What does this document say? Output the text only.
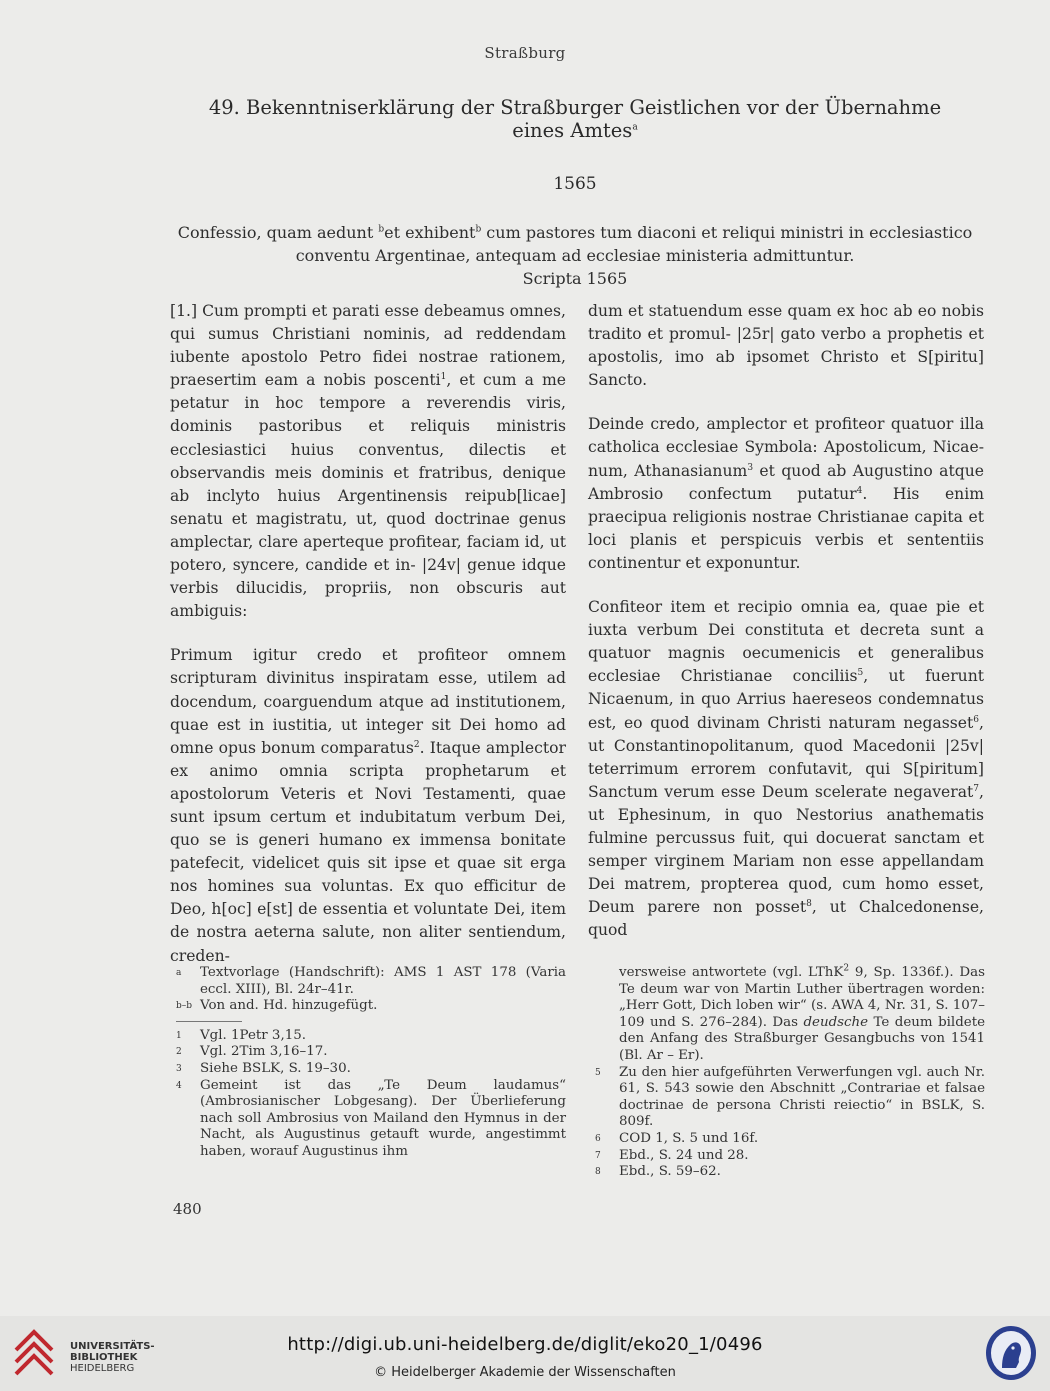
Straßburg
49. Bekenntniserklärung der Straßburger Geistlichen vor der Übernahme
eines Amtes$^a$
1565
Confessio, quam aedunt $^b$et exhibent$^b$ cum pastores tum diaconi et reliqui ministri in ecclesiastico conventu Argentinae, antequam ad ecclesiae ministeria admittuntur.
Scripta 1565

[1.] Cum prompti et parati esse debeamus omnes, qui sumus Christiani nominis, ad reddendam iubente apostolo Petro fidei nostrae rationem, praesertim eam a nobis poscenti$^1$, et cum a me petatur in hoc tempore a reverendis viris, dominis pastoribus et reliquis ministris ecclesiastici huius conventus, dilectis et observandis meis dominis et fratribus, denique ab inclyto huius Argentinensis reipub[licae] senatu et magistratu, ut, quod doctrinae genus amplectar, clare aperteque profitear, faciam id, ut potero, syncere, candide et in- |24v| genue idque verbis dilucidis, propriis, non obscuris aut ambiguis:

Primum igitur credo et profiteor omnem scripturam divinitus inspiratam esse, utilem ad docendum, coarguendum atque ad institutionem, quae est in iustitia, ut integer sit Dei homo ad omne opus bonum comparatus$^2$. Itaque amplector ex animo omnia scripta prophetarum et apostolorum Veteris et Novi Testamenti, quae sunt ipsum certum et indubitatum verbum Dei, quo se is generi humano ex immensa bonitate patefecit, videlicet quis sit ipse et quae sit erga nos homines sua voluntas. Ex quo efficitur de Deo, h[oc] e[st] de essentia et voluntate Dei, item de nostra aeterna salute, non aliter sentiendum, creden-

dum et statuendum esse quam ex hoc ab eo nobis tradito et promul- |25r| gato verbo a prophetis et apostolis, imo ab ipsomet Christo et S[piritu] Sancto.

Deinde credo, amplector et profiteor quatuor illa catholica ecclesiae Symbola: Apostolicum, Nicaenum, Athanasianum$^3$ et quod ab Augustino atque Ambrosio confectum putatur$^4$. His enim praecipua religionis nostrae Christianae capita et loci planis et perspicuis verbis et sententiis continentur et exponuntur.

Confiteor item et recipio omnia ea, quae pie et iuxta verbum Dei constituta et decreta sunt a quatuor magnis oecumenicis et generalibus ecclesiae Christianae conciliis$^5$, ut fuerunt Nicaenum, in quo Arrius haereseos condemnatus est, eo quod divinam Christi naturam negasset$^6$, ut Constantinopolitanum, quod Macedonii |25v| teterrimum errorem confutavit, qui S[piritum] Sanctum verum esse Deum scelerate negaverat$^7$, ut Ephesinum, in quo Nestorius anathematis fulmine percussus fuit, qui docuerat sanctam et semper virginem Mariam non esse appellandam Dei matrem, propterea quod, cum homo esset, Deum parere non posset$^8$, ut Chalcedonense, quod

a	Textvorlage (Handschrift): AMS 1 AST 178 (Varia eccl. XIII), Bl. 24r–41r.
b–b Von and. Hd. hinzugefügt.
1	Vgl. 1Petr 3,15.
2	Vgl. 2Tim 3,16–17.
3	Siehe BSLK, S. 19–30.
4	Gemeint ist das „Te Deum laudamus“ (Ambrosianischer Lobgesang). Der Überlieferung nach soll Ambrosius von Mailand den Hymnus in der Nacht, als Augustinus getauft wurde, angestimmt haben, worauf Augustinus ihm
versweise antwortete (vgl. LThK$^2$ 9, Sp. 1336f.). Das Te deum war von Martin Luther übertragen worden: „Herr Gott, Dich loben wir“ (s. AWA 4, Nr. 31, S. 107–109 und S. 276–284). Das deudsche Te deum bildete den Anfang des Straßburger Gesangbuchs von 1541 (Bl. Ar – Er).
5	Zu den hier aufgeführten Verwerfungen vgl. auch Nr. 61, S. 543 sowie den Abschnitt „Contrariae et falsae doctrinae de persona Christi reiectio“ in BSLK, S. 809f.
6	COD 1, S. 5 und 16f.
7	Ebd., S. 24 und 28.
8	Ebd., S. 59–62.
480
UNIVERSITÄTS-
BIBLIOTHEK
HEIDELBERG
http://digi.ub.uni-heidelberg.de/diglit/eko20_1/0496
© Heidelberger Akademie der Wissenschaften
